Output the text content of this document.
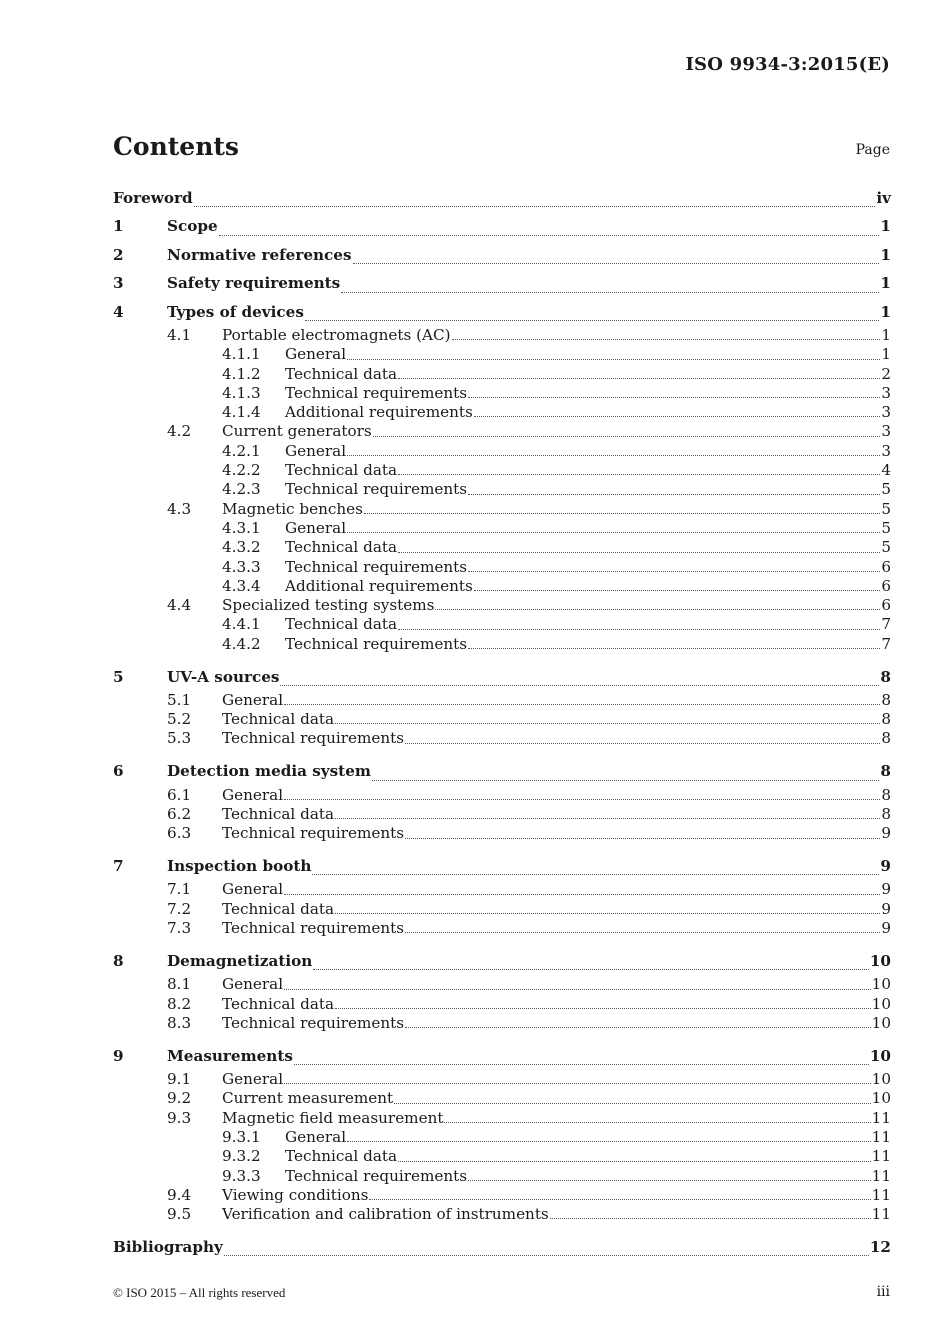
ISO 9934-3:2015(E)
Contents	Page
Foreword	iv
1	Scope	1
2	Normative references	1
3	Safety requirements	1
4	Types of devices	1
4.1	Portable electromagnets (AC)	1
4.1.1	General	1
4.1.2	Technical data	2
4.1.3	Technical requirements	3
4.1.4	Additional requirements	3
4.2	Current generators	3
4.2.1	General	3
4.2.2	Technical data	4
4.2.3	Technical requirements	5
4.3	Magnetic benches	5
4.3.1	General	5
4.3.2	Technical data	5
4.3.3	Technical requirements	6
4.3.4	Additional requirements	6
4.4	Specialized testing systems	6
4.4.1	Technical data	7
4.4.2	Technical requirements	7
5	UV-A sources	8
5.1	General	8
5.2	Technical data	8
5.3	Technical requirements	8
6	Detection media system	8
6.1	General	8
6.2	Technical data	8
6.3	Technical requirements	9
7	Inspection booth	9
7.1	General	9
7.2	Technical data	9
7.3	Technical requirements	9
8	Demagnetization	10
8.1	General	10
8.2	Technical data	10
8.3	Technical requirements	10
9	Measurements	10
9.1	General	10
9.2	Current measurement	10
9.3	Magnetic field measurement	11
9.3.1	General	11
9.3.2	Technical data	11
9.3.3	Technical requirements	11
9.4	Viewing conditions	11
9.5	Verification and calibration of instruments	11
Bibliography	12
© ISO 2015 – All rights reserved	iii
